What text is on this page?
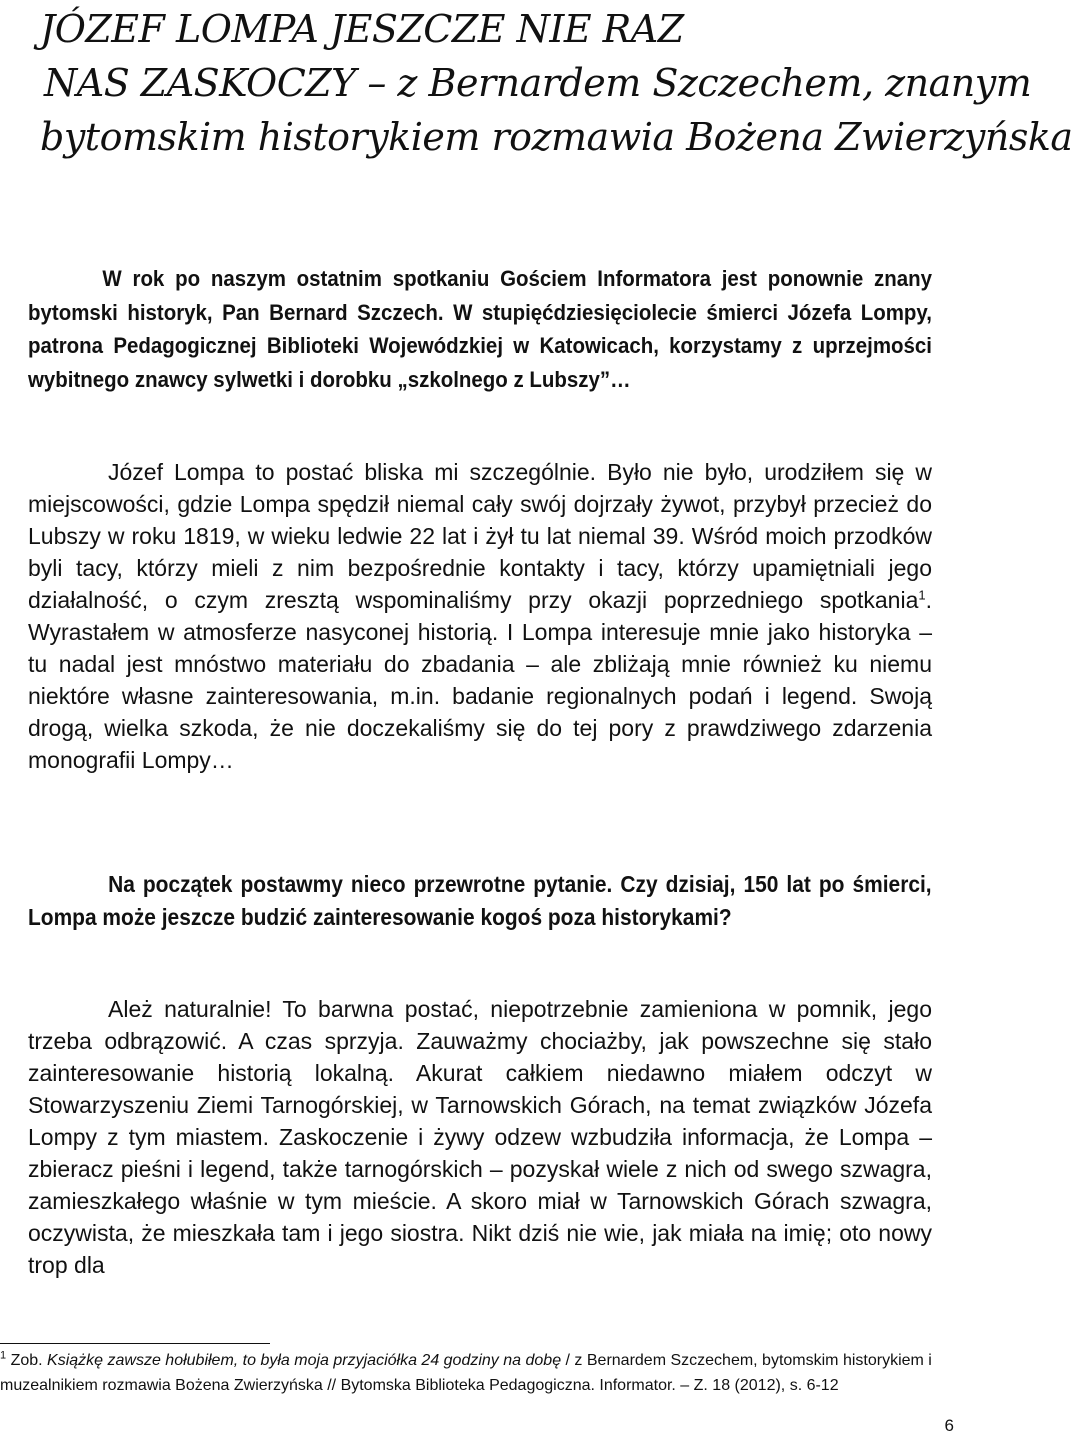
JÓZEF LOMPA JESZCZE NIE RAZ
NAS ZASKOCZY – z Bernardem Szczechem, znanym
bytomskim historykiem rozmawia Bożena Zwierzyńska

W rok po naszym ostatnim spotkaniu Gościem Informatora jest ponownie znany bytomski historyk, Pan Bernard Szczech. W stupięćdziesięciolecie śmierci Józefa Lompy, patrona Pedagogicznej Biblioteki Wojewódzkiej w Katowicach, korzystamy z uprzejmości wybitnego znawcy sylwetki i dorobku „szkolnego z Lubszy”…

Józef Lompa to postać bliska mi szczególnie. Było nie było, urodziłem się w miejscowości, gdzie Lompa spędził niemal cały swój dojrzały żywot, przybył przecież do Lubszy w roku 1819, w wieku ledwie 22 lat i żył tu lat niemal 39. Wśród moich przodków byli tacy, którzy mieli z nim bezpośrednie kontakty i tacy, którzy upamiętniali jego działalność, o czym zresztą wspominaliśmy przy okazji poprzedniego spotkania$^1$. Wyrastałem w atmosferze nasyconej historią. I Lompa interesuje mnie jako historyka – tu nadal jest mnóstwo materiału do zbadania – ale zbliżają mnie również ku niemu niektóre własne zainteresowania, m.in. badanie regionalnych podań i legend. Swoją drogą, wielka szkoda, że nie doczekaliśmy się do tej pory z prawdziwego zdarzenia monografii Lompy…

Na początek postawmy nieco przewrotne pytanie. Czy dzisiaj, 150 lat po śmierci, Lompa może jeszcze budzić zainteresowanie kogoś poza historykami?

Ależ naturalnie! To barwna postać, niepotrzebnie zamieniona w pomnik, jego trzeba odbrązowić. A czas sprzyja. Zauważmy chociażby, jak powszechne się stało zainteresowanie historią lokalną. Akurat całkiem niedawno miałem odczyt w Stowarzyszeniu Ziemi Tarnogórskiej, w Tarnowskich Górach, na temat związków Józefa Lompy z tym miastem. Zaskoczenie i żywy odzew wzbudziła informacja, że Lompa – zbieracz pieśni i legend, także tarnogórskich – pozyskał wiele z nich od swego szwagra, zamieszkałego właśnie w tym mieście. A skoro miał w Tarnowskich Górach szwagra, oczywista, że mieszkała tam i jego siostra. Nikt dziś nie wie, jak miała na imię; oto nowy trop dla

$^1$ Zob. Książkę zawsze hołubiłem, to była moja przyjaciółka 24 godziny na dobę / z Bernardem Szczechem, bytomskim historykiem i muzealnikiem rozmawia Bożena Zwierzyńska // Bytomska Biblioteka Pedagogiczna. Informator. – Z. 18 (2012), s. 6-12

6
